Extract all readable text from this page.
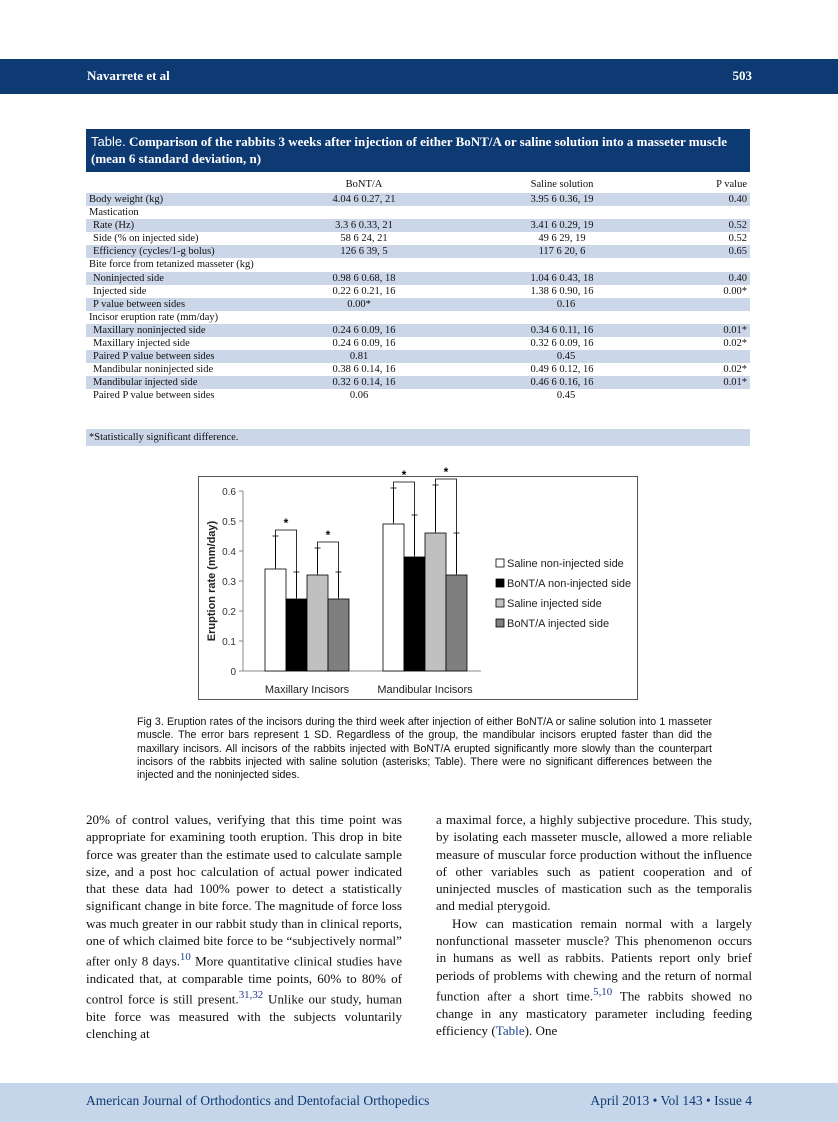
Navarrete et al	503
Table. Comparison of the rabbits 3 weeks after injection of either BoNT/A or saline solution into a masseter muscle (mean 6 standard deviation, n)
BoNT/A	Saline solution	P value
Body weight (kg)	4.04 6 0.27, 21	3.95 6 0.36, 19	0.40
Mastication
Rate (Hz)	3.3 6 0.33, 21	3.41 6 0.29, 19	0.52
Side (% on injected side)	58 6 24, 21	49 6 29, 19	0.52
Efficiency (cycles/1-g bolus)	126 6 39, 5	117 6 20, 6	0.65
Bite force from tetanized masseter (kg)
Noninjected side	0.98 6 0.68, 18	1.04 6 0.43, 18	0.40
Injected side	0.22 6 0.21, 16	1.38 6 0.90, 16	0.00*
P value between sides	0.00*	0.16
Incisor eruption rate (mm/day)
Maxillary noninjected side	0.24 6 0.09, 16	0.34 6 0.11, 16	0.01*
Maxillary injected side	0.24 6 0.09, 16	0.32 6 0.09, 16	0.02*
Paired P value between sides	0.81	0.45
Mandibular noninjected side	0.38 6 0.14, 16	0.49 6 0.12, 16	0.02*
Mandibular injected side	0.32 6 0.14, 16	0.46 6 0.16, 16	0.01*
Paired P value between sides	0.06	0.45
*Statistically significant difference.
0
0.1
0.2
0.3
0.4
0.5
0.6
Eruption rate (mm/day)
Maxillary Incisors	Mandibular Incisors
*
*
*	*
Saline non-injected side
BoNT/A non-injected side
Saline injected side
BoNT/A injected side
Fig 3. Eruption rates of the incisors during the third week after injection of either BoNT/A or saline solution into 1 masseter muscle. The error bars represent 1 SD. Regardless of the group, the mandibular incisors erupted faster than did the maxillary incisors. All incisors of the rabbits injected with BoNT/A erupted significantly more slowly than the counterpart incisors of the rabbits injected with saline solution (asterisks; Table). There were no significant differences between the injected and the noninjected sides.

20% of control values, verifying that this time point was appropriate for examining tooth eruption. This drop in bite force was greater than the estimate used to calculate sample size, and a post hoc calculation of actual power indicated that these data had 100% power to detect a statistically significant change in bite force. The magnitude of force loss was much greater in our rabbit study than in clinical reports, one of which claimed bite force to be “subjectively normal” after only 8 days.$^{10}$ More quantitative clinical studies have indicated that, at comparable time points, 60% to 80% of control force is still present.$^{31,32}$ Unlike our study, human bite force was measured with the subjects voluntarily clenching at

a maximal force, a highly subjective procedure. This study, by isolating each masseter muscle, allowed a more reliable measure of muscular force production without the influence of other variables such as patient cooperation and of uninjected muscles of mastication such as the temporalis and medial pterygoid.

How can mastication remain normal with a largely nonfunctional masseter muscle? This phenomenon occurs in humans as well as rabbits. Patients report only brief periods of problems with chewing and the return of normal function after a short time.$^{5,10}$ The rabbits showed no change in any masticatory parameter including feeding efficiency (Table). One

American Journal of Orthodontics and Dentofacial Orthopedics	April 2013 • Vol 143 • Issue 4
